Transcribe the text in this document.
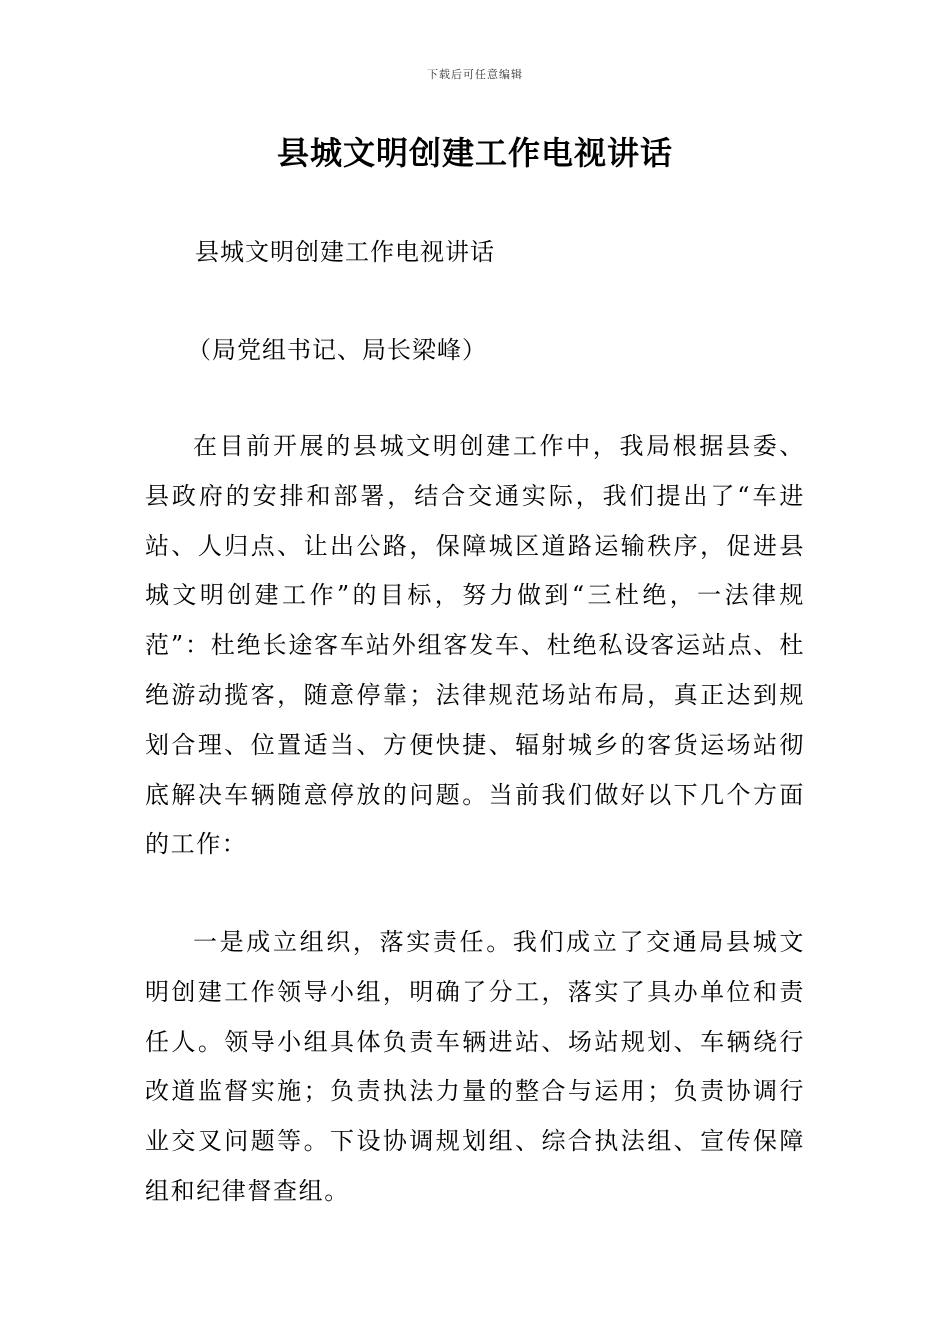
下载后可任意编辑
县城文明创建工作电视讲话
县城文明创建工作电视讲话
（局党组书记、局长梁峰）

在目前开展的县城文明创建工作中，我局根据县委、县政府的安排和部署，结合交通实际，我们提出了“车进站、人归点、让出公路，保障城区道路运输秩序，促进县城文明创建工作”的目标，努力做到“三杜绝，一法律规范”：杜绝长途客车站外组客发车、杜绝私设客运站点、杜绝游动揽客，随意停靠；法律规范场站布局，真正达到规划合理、位置适当、方便快捷、辐射城乡的客货运场站彻底解决车辆随意停放的问题。当前我们做好以下几个方面的工作：

一是成立组织，落实责任。我们成立了交通局县城文明创建工作领导小组，明确了分工，落实了具办单位和责任人。领导小组具体负责车辆进站、场站规划、车辆绕行改道监督实施；负责执法力量的整合与运用；负责协调行业交叉问题等。下设协调规划组、综合执法组、宣传保障组和纪律督查组。
